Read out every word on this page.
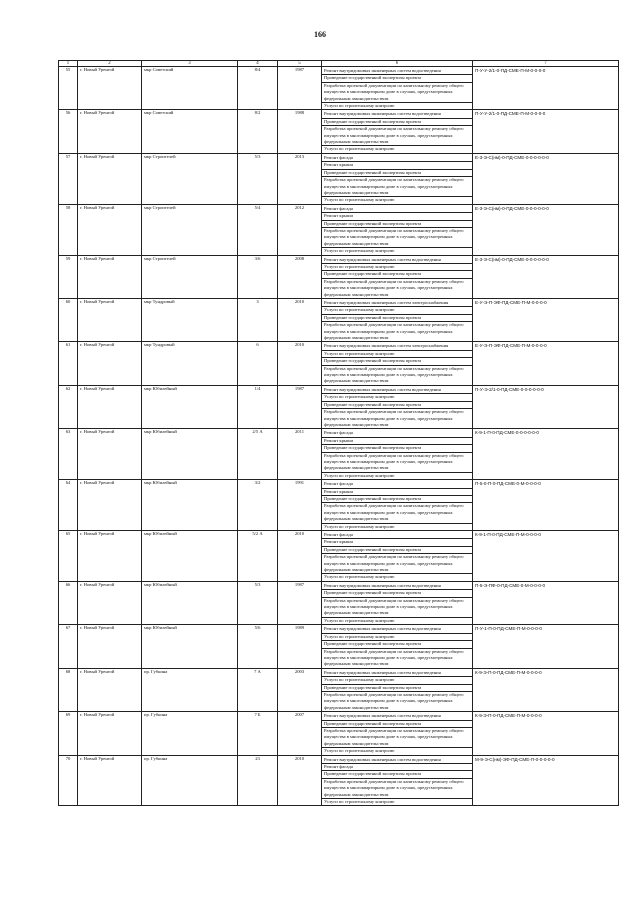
166
1	2	3	4	5	6	7
55	г. Новый Уренгой	мкр Советский	8/4	1987	Ремонт внутридомовых инженерных систем водоотведения	П-У-У-2/1-0-ПД-СМЕ-П-М-0-0-0-0
					Проведение государственной экспертизы проекта	
					Разработка проектной документации по капитальному ремонту общего имущества в многоквартирном доме в случаях, предусмотренных федеральным законодательством	
					Услуги по строительному контролю	
56	г. Новый Уренгой	мкр Советский	8/2	1988	Ремонт внутридомовых инженерных систем водоотведения	П-У-У-2/1-0-ПД-СМЕ-П-М-0-0-0-0
					Проведение государственной экспертизы проекта	
					Разработка проектной документации по капитальному ремонту общего имущества в многоквартирном доме в случаях, предусмотренных федеральным законодательством	
					Услуги по строительному контролю	
57	г. Новый Уренгой	мкр Строителей	5/3	2013	Ремонт фасада	Е-3-Э-С(нм)-0-ПД-СМЕ-0-0-0-0-0-0
					Ремонт крыши	
					Проведение государственной экспертизы проекта	
					Разработка проектной документации по капитальному ремонту общего имущества в многоквартирном доме в случаях, предусмотренных федеральным законодательством	
					Услуги по строительному контролю	
58	г. Новый Уренгой	мкр Строителей	5/4	2012	Ремонт фасада	Е-3-Э-С(нм)-0-ПД-СМЕ-0-0-0-0-0-0
					Ремонт крыши	
					Проведение государственной экспертизы проекта	
					Разработка проектной документации по капитальному ремонту общего имущества в многоквартирном доме в случаях, предусмотренных федеральным законодательством	
					Услуги по строительному контролю	
59	г. Новый Уренгой	мкр Строителей	3/6	2008	Ремонт внутридомовых инженерных систем водоотведения	Е-3-Э-С(нм)-0-ПД-СМЕ-0-0-0-0-0-0
					Услуги по строительному контролю	
					Проведение государственной экспертизы проекта	
					Разработка проектной документации по капитальному ремонту общего имущества в многоквартирном доме в случаях, предусмотренных федеральным законодательством	
60	г. Новый Уренгой	мкр Тундровый	3	2010	Ремонт внутридомовых инженерных систем электроснабжения	Е-У-Э-П-ЭФ-ПД-СМЕ-П-М-0-0-0-0
					Услуги по строительному контролю	
					Проведение государственной экспертизы проекта	
					Разработка проектной документации по капитальному ремонту общего имущества в многоквартирном доме в случаях, предусмотренных федеральным законодательством	
61	г. Новый Уренгой	мкр Тундровый	6	2010	Ремонт внутридомовых инженерных систем электроснабжения	Е-У-Э-П-ЭФ-ПД-СМЕ-П-М-0-0-0-0
					Услуги по строительному контролю	
					Проведение государственной экспертизы проекта	
					Разработка проектной документации по капитальному ремонту общего имущества в многоквартирном доме в случаях, предусмотренных федеральным законодательством	
62	г. Новый Уренгой	мкр Юбилейный	1/4	1987	Ремонт внутридомовых инженерных систем водоотведения	П-У-Э-2/1-0-ПД-СМЕ-0-0-0-0-0-0
					Услуги по строительному контролю	
					Проведение государственной экспертизы проекта	
					Разработка проектной документации по капитальному ремонту общего имущества в многоквартирном доме в случаях, предусмотренных федеральным законодательством	
63	г. Новый Уренгой	мкр Юбилейный	2/5 А	2011	Ремонт фасада	К-9-1-П-0-ПД-СМЕ-0-0-0-0-0-0
					Ремонт крыши	
					Проведение государственной экспертизы проекта	
					Разработка проектной документации по капитальному ремонту общего имущества в многоквартирном доме в случаях, предусмотренных федеральным законодательством	
					Услуги по строительному контролю	
64	г. Новый Уренгой	мкр Юбилейный	3/2	1991	Ремонт фасада	П-5-0-П-0-ПД-СМЕ-0-М-0-0-0-0
					Ремонт крыши	
					Проведение государственной экспертизы проекта	
					Разработка проектной документации по капитальному ремонту общего имущества в многоквартирном доме в случаях, предусмотренных федеральным законодательством	
					Услуги по строительному контролю	
65	г. Новый Уренгой	мкр Юбилейный	5/2 А	2010	Ремонт фасада	К-9-1-П-0-ПД-СМЕ-П-М-0-0-0-0
					Ремонт крыши	
					Проведение государственной экспертизы проекта	
					Разработка проектной документации по капитальному ремонту общего имущества в многоквартирном доме в случаях, предусмотренных федеральным законодательством	
					Услуги по строительному контролю	
66	г. Новый Уренгой	мкр Юбилейный	5/3	1987	Ремонт внутридомовых инженерных систем водоотведения	П-5-Э-ПФ-0-ПД-СМЕ-0-М-0-0-0-0
					Проведение государственной экспертизы проекта	
					Разработка проектной документации по капитальному ремонту общего имущества в многоквартирном доме в случаях, предусмотренных федеральным законодательством	
					Услуги по строительному контролю	
67	г. Новый Уренгой	мкр Юбилейный	5/6	1989	Ремонт внутридомовых инженерных систем водоотведения	П-У-1-П-0-ПД-СМЕ-П-М-0-0-0-0
					Услуги по строительному контролю	
					Проведение государственной экспертизы проекта	
					Разработка проектной документации по капитальному ремонту общего имущества в многоквартирном доме в случаях, предусмотренных федеральным законодательством	
68	г. Новый Уренгой	пр. Губкина	7 А	2003	Ремонт внутридомовых инженерных систем водоотведения	К-9-Э-П-0-ПД-СМЕ-П-М-0-0-0-0
					Услуги по строительному контролю	
					Проведение государственной экспертизы проекта	
					Разработка проектной документации по капитальному ремонту общего имущества в многоквартирном доме в случаях, предусмотренных федеральным законодательством	
69	г. Новый Уренгой	пр. Губкина	7 Б	2007	Ремонт внутридомовых инженерных систем водоотведения	К-9-Э-П-0-ПД-СМЕ-П-М-0-0-0-0
					Проведение государственной экспертизы проекта	
					Разработка проектной документации по капитальному ремонту общего имущества в многоквартирном доме в случаях, предусмотренных федеральным законодательством	
					Услуги по строительному контролю	
70	г. Новый Уренгой	пр. Губкина	23	2010	Ремонт внутридомовых инженерных систем водоотведения	М-9-Э-С(нм)-ЭФ-ПД-СМЕ-П-0-0-0-0-0
					Ремонт фасада	
					Проведение государственной экспертизы проекта	
					Разработка проектной документации по капитальному ремонту общего имущества в многоквартирном доме в случаях, предусмотренных федеральным законодательством	
					Услуги по строительному контролю	
